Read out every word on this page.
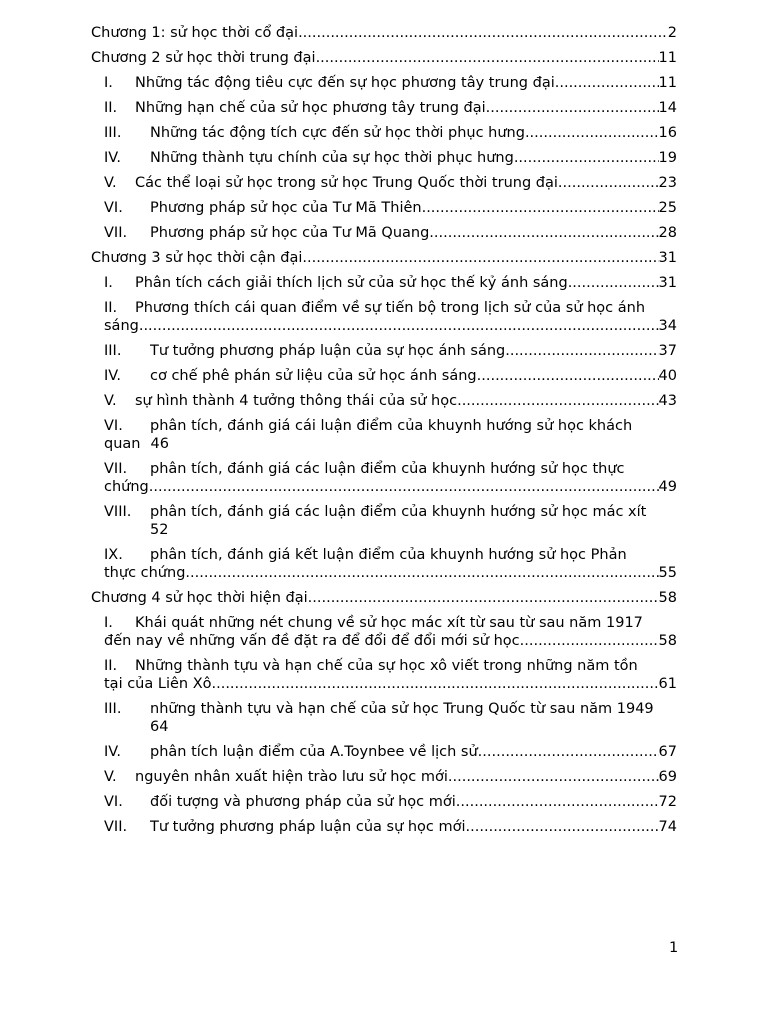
Chương 1: sử học thời cổ đại .....	2
Chương 2 sử học thời trung đại .....	11
I. Những tác động tiêu cực đến sự học phương tây trung đại .....	11
II. Những hạn chế của sử học phương tây trung đại .....	14
III. Những tác động tích cực đến sử học thời phục hưng .....	16
IV. Những thành tựu chính của sự học thời phục hưng .....	19
V. Các thể loại sử học trong sử học Trung Quốc thời trung đại .....	23
VI. Phương pháp sử học của Tư Mã Thiên .....	25
VII. Phương pháp sử học của Tư Mã Quang .....	28
Chương 3 sử học thời cận đại .....	31
I. Phân tích cách giải thích lịch sử của sử học thế kỷ ánh sáng .....	31
II.	Phương thích cái quan điểm về sự tiến bộ trong lịch sử của sử học ánh
sáng .....	34
III. Tư tưởng phương pháp luận của sự học ánh sáng .....	37
IV. cơ chế phê phán sử liệu của sử học ánh sáng .....	40
V. sự hình thành 4 tưởng thông thái của sử học .....	43
VI.	phân tích, đánh giá cái luận điểm của khuynh hướng sử học khách
quan 46
VII.	phân tích, đánh giá các luận điểm của khuynh hướng sử học thực
chứng .....	49
VIII.	phân tích, đánh giá các luận điểm của khuynh hướng sử học mác xít
52
IX.	phân tích, đánh giá kết luận điểm của khuynh hướng sử học Phản
thực chứng .....	55
Chương 4 sử học thời hiện đại .....	58
I.	Khái quát những nét chung về sử học mác xít từ sau từ sau năm 1917
đến nay về những vấn đề đặt ra để đổi để đổi mới sử học .....	58
II.	Những thành tựu và hạn chế của sự học xô viết trong những năm tồn
tại của Liên Xô .....	61
III.	những thành tựu và hạn chế của sử học Trung Quốc từ sau năm 1949
64
IV. phân tích luận điểm của A.Toynbee về lịch sử .....	67
V. nguyên nhân xuất hiện trào lưu sử học mới .....	69
VI. đối tượng và phương pháp của sử học mới .....	72
VII. Tư tưởng phương pháp luận của sự học mới .....	74
1
